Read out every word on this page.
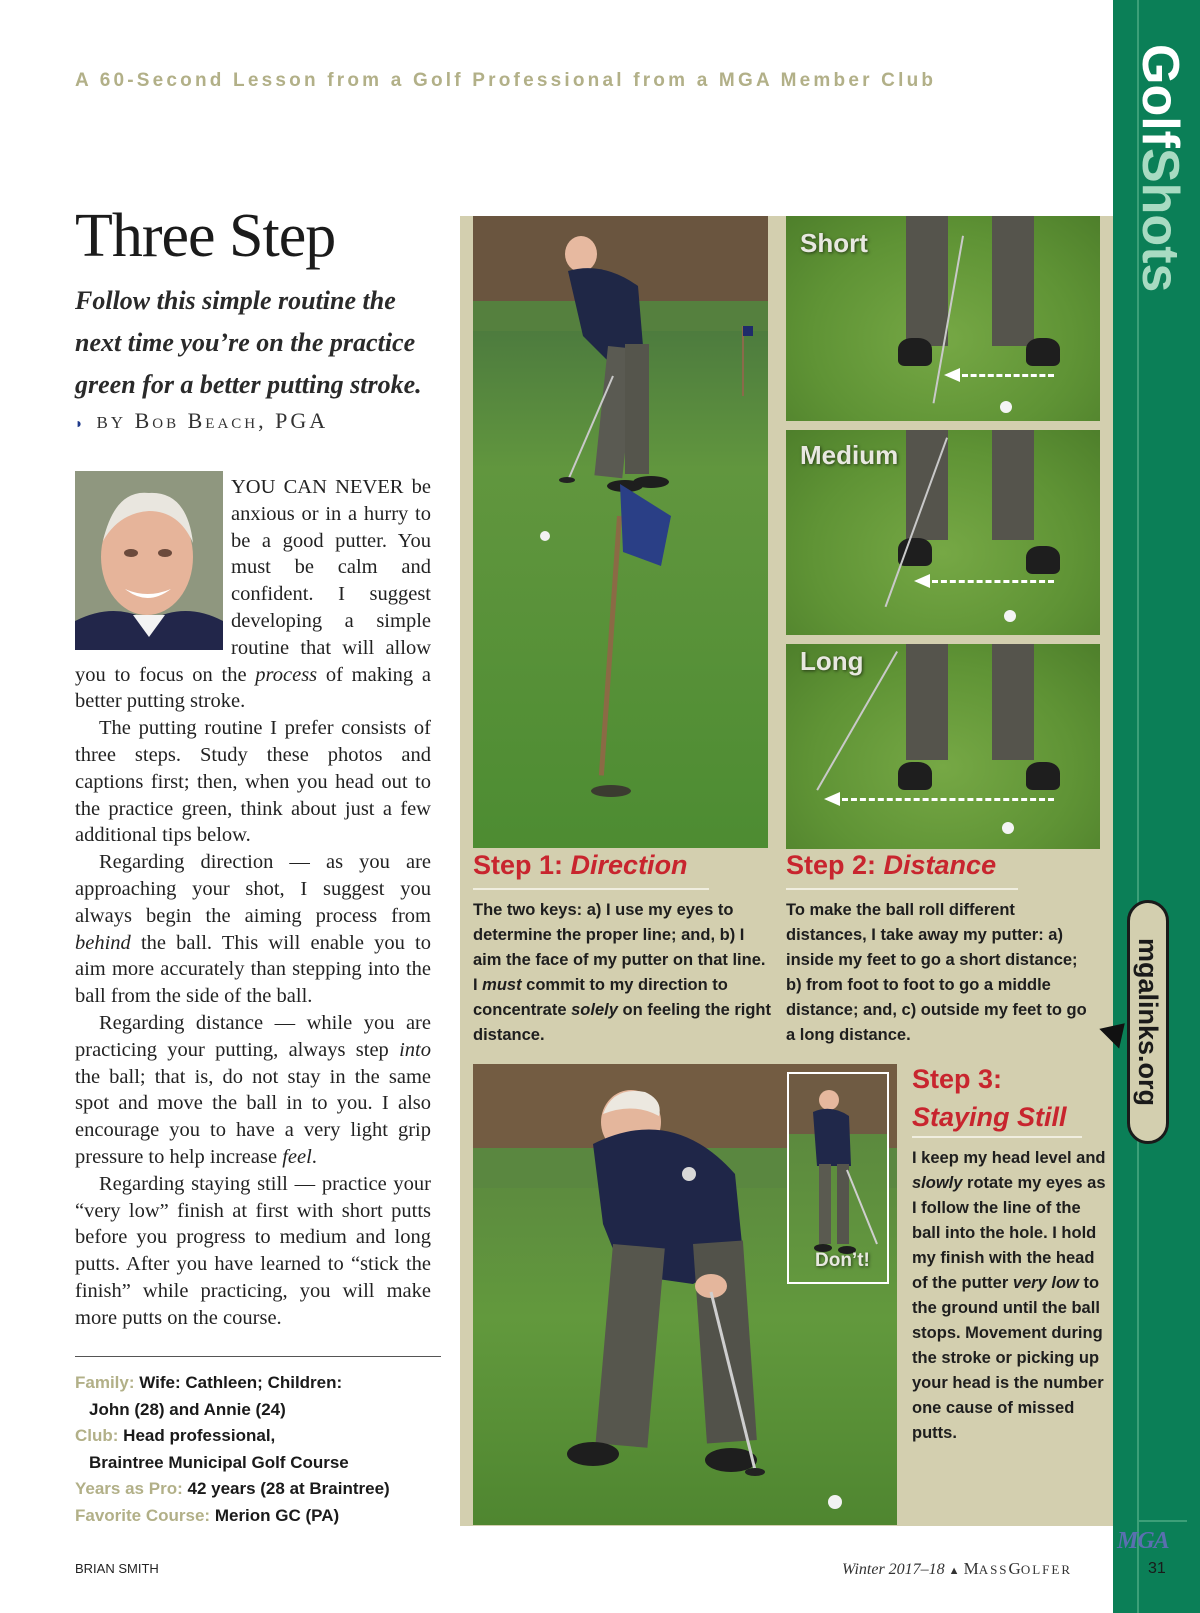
A 60-Second Lesson from a Golf Professional from a MGA Member Club
Three Step
Follow this simple routine the next time you’re on the practice green for a better putting stroke.
◗ BY Bob Beach, PGA

YOU CAN NEVER be anxious or in a hurry to be a good putter. You must be calm and confident. I suggest developing a simple routine that will allow you to focus on the process of making a better putting stroke.

The putting routine I prefer consists of three steps. Study these photos and captions first; then, when you head out to the practice green, think about just a few additional tips below.

Regarding direction — as you are approaching your shot, I suggest you always begin the aiming process from behind the ball. This will enable you to aim more accurately than stepping into the ball from the side of the ball.

Regarding distance — while you are practicing your putting, always step into the ball; that is, do not stay in the same spot and move the ball in to you. I also encourage you to have a very light grip pressure to help increase feel.

Regarding staying still — practice your “very low” finish at first with short putts before you progress to medium and long putts. After you have learned to “stick the finish” while practicing, you will make more putts on the course.

Family: Wife: Cathleen; Children:
John (28) and Annie (24)
Club: Head professional,
Braintree Municipal Golf Course
Years as Pro: 42 years (28 at Braintree)
Favorite Course: Merion GC (PA)
BRIAN SMITH
Short
Medium
Long
Step 1: Direction
The two keys: a) I use my eyes to determine the proper line; and, b) I aim the face of my putter on that line. I must commit to my direction to concentrate solely on feeling the right distance.
Step 2: Distance
To make the ball roll different distances, I take away my putter: a) inside my feet to go a short distance; b) from foot to foot to go a middle distance; and, c) outside my feet to go a long distance.
Don’t!
Step 3:
Staying Still
I keep my head level and slowly rotate my eyes as I follow the line of the ball into the hole. I hold my finish with the head of the putter very low to the ground until the ball stops. Movement during the stroke or picking up your head is the number one cause of missed putts.
GolfShots
mgalinks.org
MGA
31
Winter 2017–18 ▲ MASSGOLFER
